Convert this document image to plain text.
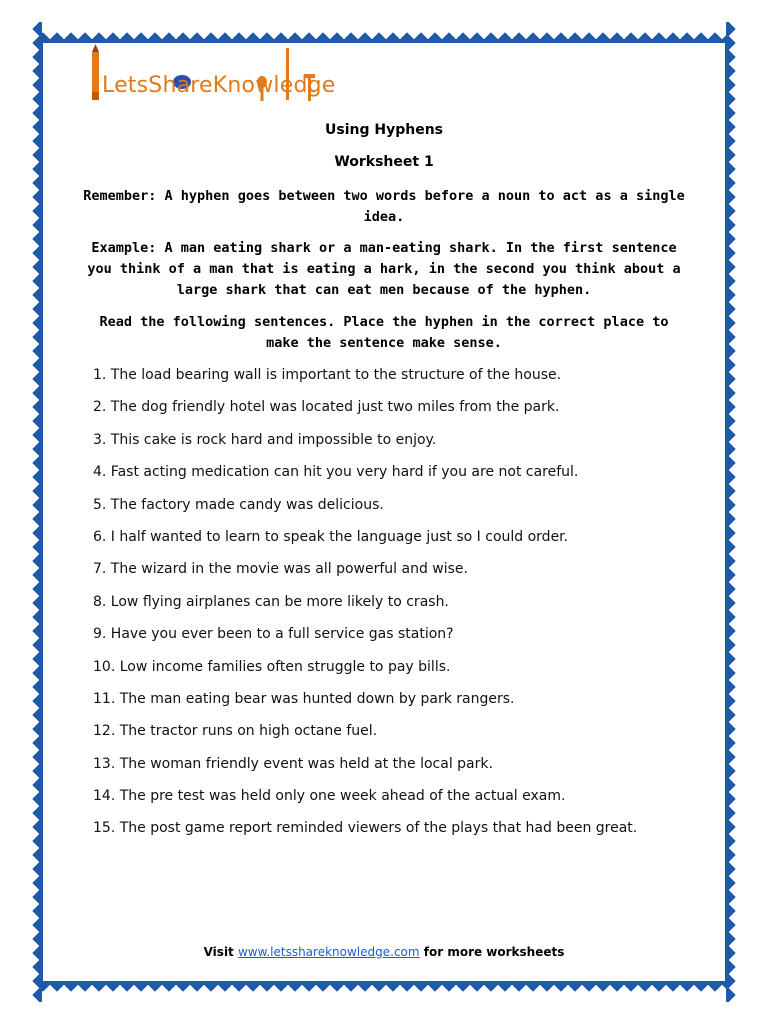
LetsShareKnowledge
Using Hyphens
Worksheet 1
Remember: A hyphen goes between two words before a noun to act as a single idea.
Example: A man eating shark or a man-eating shark. In the first sentence you think of a man that is eating a hark, in the second you think about a large shark that can eat men because of the hyphen.
Read the following sentences. Place the hyphen in the correct place to make the sentence make sense.
1. The load bearing wall is important to the structure of the house.
2. The dog friendly hotel was located just two miles from the park.
3. This cake is rock hard and impossible to enjoy.
4. Fast acting medication can hit you very hard if you are not careful.
5. The factory made candy was delicious.
6. I half wanted to learn to speak the language just so I could order.
7. The wizard in the movie was all powerful and wise.
8. Low flying airplanes can be more likely to crash.
9. Have you ever been to a full service gas station?
10. Low income families often struggle to pay bills.
11. The man eating bear was hunted down by park rangers.
12. The tractor runs on high octane fuel.
13. The woman friendly event was held at the local park.
14. The pre test was held only one week ahead of the actual exam.
15. The post game report reminded viewers of the plays that had been great.
Visit www.letsshareknowledge.com for more worksheets
